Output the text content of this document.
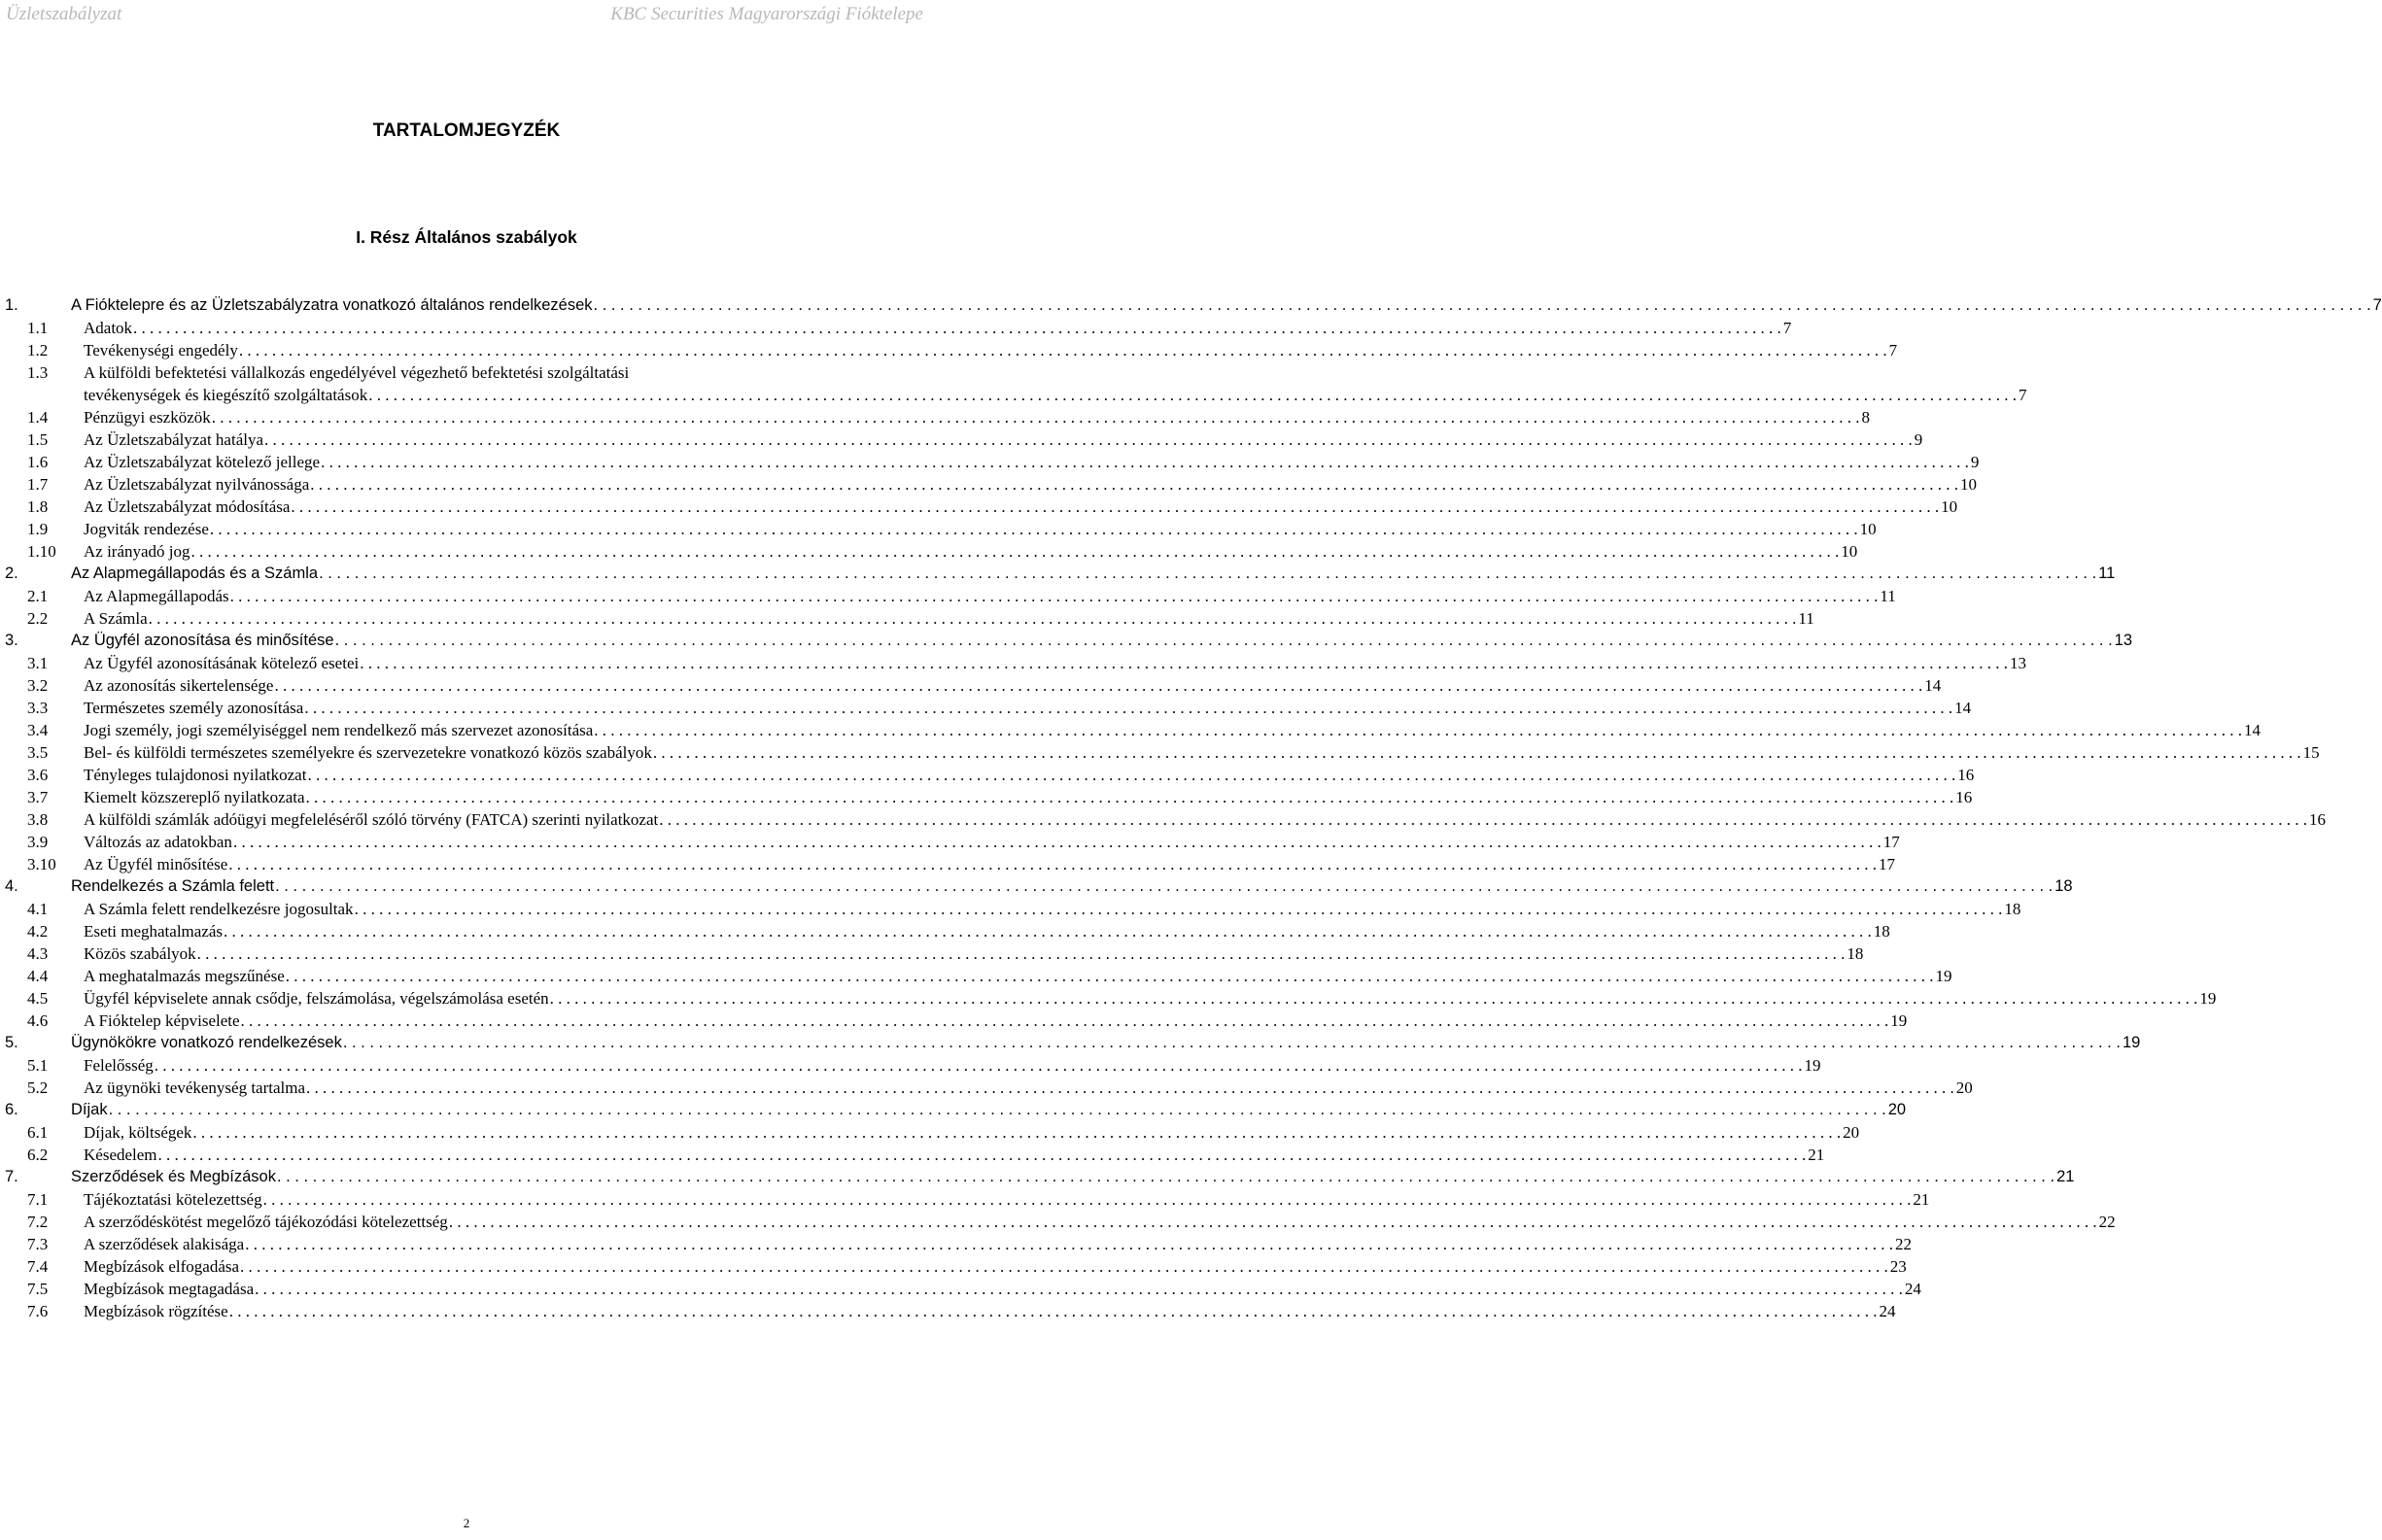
Üzletszabályzat	KBC Securities Magyarországi Fióktelepe
TARTALOMJEGYZÉK
I. Rész Általános szabályok
1.	A Fióktelepre és az Üzletszabályzatra vonatkozó általános rendelkezések . . . . . . . . . . . . . . . . . . . . . . . . . . . . . . . . . . . . . . . . . . . . . . . . . . . . . . . . . . . . . . . . . . . . . . . . . . . . . . . . . . . . . . . . . . . . . . . . . . . . . . . . . . . . . . . . . . . . . . . . . . . . . . . . . . . . . . . . . . . . . . . . . . . . . . . . . . . . . . . . . . . . . . . . . . . . . . . . . . . . . . . . . . . . . . . . . . . . . . . . 7
1.1 Adatok . . . . . . . . . . . . . . . . . . . . . . . . . . . . . . . . . . . . . . . . . . . . . . . . . . . . . . . . . . . . . . . . . . . . . . . . . . . . . . . . . . . . . . . . . . . . . . . . . . . . . . . . . . . . . . . . . . . . . . . . . . . . . . . . . . . . . . . . . . . . . . . . . . . . . . . . . . . . . . . . . . . . . . . . . . . . . . . . . . . . . . . . . . . . . . . . . . . . . . . . 7
1.2 Tevékenységi engedély . . . . . . . . . . . . . . . . . . . . . . . . . . . . . . . . . . . . . . . . . . . . . . . . . . . . . . . . . . . . . . . . . . . . . . . . . . . . . . . . . . . . . . . . . . . . . . . . . . . . . . . . . . . . . . . . . . . . . . . . . . . . . . . . . . . . . . . . . . . . . . . . . . . . . . . . . . . . . . . . . . . . . . . . . . . . . . . . . . . . . . . . . . . . . . . . . . . . . . . . 7
1.3 A külföldi befektetési vállalkozás engedélyével végezhető befektetési szolgáltatási
tevékenységek és kiegészítő szolgáltatások . . . . . . . . . . . . . . . . . . . . . . . . . . . . . . . . . . . . . . . . . . . . . . . . . . . . . . . . . . . . . . . . . . . . . . . . . . . . . . . . . . . . . . . . . . . . . . . . . . . . . . . . . . . . . . . . . . . . . . . . . . . . . . . . . . . . . . . . . . . . . . . . . . . . . . . . . . . . . . . . . . . . . . . . . . . . . . . . . . . . . . . . . . . . . . . . . . . . . . . . 7
1.4 Pénzügyi eszközök . . . . . . . . . . . . . . . . . . . . . . . . . . . . . . . . . . . . . . . . . . . . . . . . . . . . . . . . . . . . . . . . . . . . . . . . . . . . . . . . . . . . . . . . . . . . . . . . . . . . . . . . . . . . . . . . . . . . . . . . . . . . . . . . . . . . . . . . . . . . . . . . . . . . . . . . . . . . . . . . . . . . . . . . . . . . . . . . . . . . . . . . . . . . . . . . . . . . . . . . 8
1.5 Az Üzletszabályzat hatálya . . . . . . . . . . . . . . . . . . . . . . . . . . . . . . . . . . . . . . . . . . . . . . . . . . . . . . . . . . . . . . . . . . . . . . . . . . . . . . . . . . . . . . . . . . . . . . . . . . . . . . . . . . . . . . . . . . . . . . . . . . . . . . . . . . . . . . . . . . . . . . . . . . . . . . . . . . . . . . . . . . . . . . . . . . . . . . . . . . . . . . . . . . . . . . . . . . . . . . . . 9
1.6 Az Üzletszabályzat kötelező jellege . . . . . . . . . . . . . . . . . . . . . . . . . . . . . . . . . . . . . . . . . . . . . . . . . . . . . . . . . . . . . . . . . . . . . . . . . . . . . . . . . . . . . . . . . . . . . . . . . . . . . . . . . . . . . . . . . . . . . . . . . . . . . . . . . . . . . . . . . . . . . . . . . . . . . . . . . . . . . . . . . . . . . . . . . . . . . . . . . . . . . . . . . . . . . . . . . . . . . . . . 9
1.7 Az Üzletszabályzat nyilvánossága . . . . . . . . . . . . . . . . . . . . . . . . . . . . . . . . . . . . . . . . . . . . . . . . . . . . . . . . . . . . . . . . . . . . . . . . . . . . . . . . . . . . . . . . . . . . . . . . . . . . . . . . . . . . . . . . . . . . . . . . . . . . . . . . . . . . . . . . . . . . . . . . . . . . . . . . . . . . . . . . . . . . . . . . . . . . . . . . . . . . . . . . . . . . . . . . . . . . . . . . 10
1.8 Az Üzletszabályzat módosítása . . . . . . . . . . . . . . . . . . . . . . . . . . . . . . . . . . . . . . . . . . . . . . . . . . . . . . . . . . . . . . . . . . . . . . . . . . . . . . . . . . . . . . . . . . . . . . . . . . . . . . . . . . . . . . . . . . . . . . . . . . . . . . . . . . . . . . . . . . . . . . . . . . . . . . . . . . . . . . . . . . . . . . . . . . . . . . . . . . . . . . . . . . . . . . . . . . . . . . . . 10
1.9 Jogviták rendezése . . . . . . . . . . . . . . . . . . . . . . . . . . . . . . . . . . . . . . . . . . . . . . . . . . . . . . . . . . . . . . . . . . . . . . . . . . . . . . . . . . . . . . . . . . . . . . . . . . . . . . . . . . . . . . . . . . . . . . . . . . . . . . . . . . . . . . . . . . . . . . . . . . . . . . . . . . . . . . . . . . . . . . . . . . . . . . . . . . . . . . . . . . . . . . . . . . . . . . . . 10
1.10 Az irányadó jog . . . . . . . . . . . . . . . . . . . . . . . . . . . . . . . . . . . . . . . . . . . . . . . . . . . . . . . . . . . . . . . . . . . . . . . . . . . . . . . . . . . . . . . . . . . . . . . . . . . . . . . . . . . . . . . . . . . . . . . . . . . . . . . . . . . . . . . . . . . . . . . . . . . . . . . . . . . . . . . . . . . . . . . . . . . . . . . . . . . . . . . . . . . . . . . . . . . . . . . . 10
2.	Az Alapmegállapodás és a Számla . . . . . . . . . . . . . . . . . . . . . . . . . . . . . . . . . . . . . . . . . . . . . . . . . . . . . . . . . . . . . . . . . . . . . . . . . . . . . . . . . . . . . . . . . . . . . . . . . . . . . . . . . . . . . . . . . . . . . . . . . . . . . . . . . . . . . . . . . . . . . . . . . . . . . . . . . . . . . . . . . . . . . . . . . . . . . . . . . . . . . . . . . . . . . . . . . . . . . . . . 11
2.1 Az Alapmegállapodás . . . . . . . . . . . . . . . . . . . . . . . . . . . . . . . . . . . . . . . . . . . . . . . . . . . . . . . . . . . . . . . . . . . . . . . . . . . . . . . . . . . . . . . . . . . . . . . . . . . . . . . . . . . . . . . . . . . . . . . . . . . . . . . . . . . . . . . . . . . . . . . . . . . . . . . . . . . . . . . . . . . . . . . . . . . . . . . . . . . . . . . . . . . . . . . . . . . . . . . . 11
2.2 A Számla . . . . . . . . . . . . . . . . . . . . . . . . . . . . . . . . . . . . . . . . . . . . . . . . . . . . . . . . . . . . . . . . . . . . . . . . . . . . . . . . . . . . . . . . . . . . . . . . . . . . . . . . . . . . . . . . . . . . . . . . . . . . . . . . . . . . . . . . . . . . . . . . . . . . . . . . . . . . . . . . . . . . . . . . . . . . . . . . . . . . . . . . . . . . . . . . . . . . . . . . 11
3.	Az Ügyfél azonosítása és minősítése . . . . . . . . . . . . . . . . . . . . . . . . . . . . . . . . . . . . . . . . . . . . . . . . . . . . . . . . . . . . . . . . . . . . . . . . . . . . . . . . . . . . . . . . . . . . . . . . . . . . . . . . . . . . . . . . . . . . . . . . . . . . . . . . . . . . . . . . . . . . . . . . . . . . . . . . . . . . . . . . . . . . . . . . . . . . . . . . . . . . . . . . . . . . . . . . . . . . . . . . 13
3.1 Az Ügyfél azonosításának kötelező esetei . . . . . . . . . . . . . . . . . . . . . . . . . . . . . . . . . . . . . . . . . . . . . . . . . . . . . . . . . . . . . . . . . . . . . . . . . . . . . . . . . . . . . . . . . . . . . . . . . . . . . . . . . . . . . . . . . . . . . . . . . . . . . . . . . . . . . . . . . . . . . . . . . . . . . . . . . . . . . . . . . . . . . . . . . . . . . . . . . . . . . . . . . . . . . . . . . . . . . . . . 13
3.2 Az azonosítás sikertelensége . . . . . . . . . . . . . . . . . . . . . . . . . . . . . . . . . . . . . . . . . . . . . . . . . . . . . . . . . . . . . . . . . . . . . . . . . . . . . . . . . . . . . . . . . . . . . . . . . . . . . . . . . . . . . . . . . . . . . . . . . . . . . . . . . . . . . . . . . . . . . . . . . . . . . . . . . . . . . . . . . . . . . . . . . . . . . . . . . . . . . . . . . . . . . . . . . . . . . . . . 14
3.3 Természetes személy azonosítása . . . . . . . . . . . . . . . . . . . . . . . . . . . . . . . . . . . . . . . . . . . . . . . . . . . . . . . . . . . . . . . . . . . . . . . . . . . . . . . . . . . . . . . . . . . . . . . . . . . . . . . . . . . . . . . . . . . . . . . . . . . . . . . . . . . . . . . . . . . . . . . . . . . . . . . . . . . . . . . . . . . . . . . . . . . . . . . . . . . . . . . . . . . . . . . . . . . . . . . . 14
3.4 Jogi személy, jogi személyiséggel nem rendelkező más szervezet azonosítása . . . . . . . . . . . . . . . . . . . . . . . . . . . . . . . . . . . . . . . . . . . . . . . . . . . . . . . . . . . . . . . . . . . . . . . . . . . . . . . . . . . . . . . . . . . . . . . . . . . . . . . . . . . . . . . . . . . . . . . . . . . . . . . . . . . . . . . . . . . . . . . . . . . . . . . . . . . . . . . . . . . . . . . . . . . . . . . . . . . . . . . . . . . . . . . . . . . . . . . . 14
3.5 Bel- és külföldi természetes személyekre és szervezetekre vonatkozó közös szabályok . . . . . . . . . . . . . . . . . . . . . . . . . . . . . . . . . . . . . . . . . . . . . . . . . . . . . . . . . . . . . . . . . . . . . . . . . . . . . . . . . . . . . . . . . . . . . . . . . . . . . . . . . . . . . . . . . . . . . . . . . . . . . . . . . . . . . . . . . . . . . . . . . . . . . . . . . . . . . . . . . . . . . . . . . . . . . . . . . . . . . . . . . . . . . . . . . . . . . . . . 15
3.6 Tényleges tulajdonosi nyilatkozat . . . . . . . . . . . . . . . . . . . . . . . . . . . . . . . . . . . . . . . . . . . . . . . . . . . . . . . . . . . . . . . . . . . . . . . . . . . . . . . . . . . . . . . . . . . . . . . . . . . . . . . . . . . . . . . . . . . . . . . . . . . . . . . . . . . . . . . . . . . . . . . . . . . . . . . . . . . . . . . . . . . . . . . . . . . . . . . . . . . . . . . . . . . . . . . . . . . . . . . . 16
3.7 Kiemelt közszereplő nyilatkozata . . . . . . . . . . . . . . . . . . . . . . . . . . . . . . . . . . . . . . . . . . . . . . . . . . . . . . . . . . . . . . . . . . . . . . . . . . . . . . . . . . . . . . . . . . . . . . . . . . . . . . . . . . . . . . . . . . . . . . . . . . . . . . . . . . . . . . . . . . . . . . . . . . . . . . . . . . . . . . . . . . . . . . . . . . . . . . . . . . . . . . . . . . . . . . . . . . . . . . . . 16
3.8 A külföldi számlák adóügyi megfeleléséről szóló törvény (FATCA) szerinti nyilatkozat . . . . . . . . . . . . . . . . . . . . . . . . . . . . . . . . . . . . . . . . . . . . . . . . . . . . . . . . . . . . . . . . . . . . . . . . . . . . . . . . . . . . . . . . . . . . . . . . . . . . . . . . . . . . . . . . . . . . . . . . . . . . . . . . . . . . . . . . . . . . . . . . . . . . . . . . . . . . . . . . . . . . . . . . . . . . . . . . . . . . . . . . . . . . . . . . . . . . . . . . 16
3.9 Változás az adatokban . . . . . . . . . . . . . . . . . . . . . . . . . . . . . . . . . . . . . . . . . . . . . . . . . . . . . . . . . . . . . . . . . . . . . . . . . . . . . . . . . . . . . . . . . . . . . . . . . . . . . . . . . . . . . . . . . . . . . . . . . . . . . . . . . . . . . . . . . . . . . . . . . . . . . . . . . . . . . . . . . . . . . . . . . . . . . . . . . . . . . . . . . . . . . . . . . . . . . . . . 17
3.10 Az Ügyfél minősítése . . . . . . . . . . . . . . . . . . . . . . . . . . . . . . . . . . . . . . . . . . . . . . . . . . . . . . . . . . . . . . . . . . . . . . . . . . . . . . . . . . . . . . . . . . . . . . . . . . . . . . . . . . . . . . . . . . . . . . . . . . . . . . . . . . . . . . . . . . . . . . . . . . . . . . . . . . . . . . . . . . . . . . . . . . . . . . . . . . . . . . . . . . . . . . . . . . . . . . . . 17
4.	Rendelkezés a Számla felett . . . . . . . . . . . . . . . . . . . . . . . . . . . . . . . . . . . . . . . . . . . . . . . . . . . . . . . . . . . . . . . . . . . . . . . . . . . . . . . . . . . . . . . . . . . . . . . . . . . . . . . . . . . . . . . . . . . . . . . . . . . . . . . . . . . . . . . . . . . . . . . . . . . . . . . . . . . . . . . . . . . . . . . . . . . . . . . . . . . . . . . . . . . . . . . . . . . . . . . . 18
4.1 A Számla felett rendelkezésre jogosultak . . . . . . . . . . . . . . . . . . . . . . . . . . . . . . . . . . . . . . . . . . . . . . . . . . . . . . . . . . . . . . . . . . . . . . . . . . . . . . . . . . . . . . . . . . . . . . . . . . . . . . . . . . . . . . . . . . . . . . . . . . . . . . . . . . . . . . . . . . . . . . . . . . . . . . . . . . . . . . . . . . . . . . . . . . . . . . . . . . . . . . . . . . . . . . . . . . . . . . . . 18
4.2 Eseti meghatalmazás . . . . . . . . . . . . . . . . . . . . . . . . . . . . . . . . . . . . . . . . . . . . . . . . . . . . . . . . . . . . . . . . . . . . . . . . . . . . . . . . . . . . . . . . . . . . . . . . . . . . . . . . . . . . . . . . . . . . . . . . . . . . . . . . . . . . . . . . . . . . . . . . . . . . . . . . . . . . . . . . . . . . . . . . . . . . . . . . . . . . . . . . . . . . . . . . . . . . . . . . 18
4.3 Közös szabályok . . . . . . . . . . . . . . . . . . . . . . . . . . . . . . . . . . . . . . . . . . . . . . . . . . . . . . . . . . . . . . . . . . . . . . . . . . . . . . . . . . . . . . . . . . . . . . . . . . . . . . . . . . . . . . . . . . . . . . . . . . . . . . . . . . . . . . . . . . . . . . . . . . . . . . . . . . . . . . . . . . . . . . . . . . . . . . . . . . . . . . . . . . . . . . . . . . . . . . . . 18
4.4 A meghatalmazás megszűnése . . . . . . . . . . . . . . . . . . . . . . . . . . . . . . . . . . . . . . . . . . . . . . . . . . . . . . . . . . . . . . . . . . . . . . . . . . . . . . . . . . . . . . . . . . . . . . . . . . . . . . . . . . . . . . . . . . . . . . . . . . . . . . . . . . . . . . . . . . . . . . . . . . . . . . . . . . . . . . . . . . . . . . . . . . . . . . . . . . . . . . . . . . . . . . . . . . . . . . . . 19
4.5 Ügyfél képviselete annak csődje, felszámolása, végelszámolása esetén . . . . . . . . . . . . . . . . . . . . . . . . . . . . . . . . . . . . . . . . . . . . . . . . . . . . . . . . . . . . . . . . . . . . . . . . . . . . . . . . . . . . . . . . . . . . . . . . . . . . . . . . . . . . . . . . . . . . . . . . . . . . . . . . . . . . . . . . . . . . . . . . . . . . . . . . . . . . . . . . . . . . . . . . . . . . . . . . . . . . . . . . . . . . . . . . . . . . . . . . 19
4.6 A Fióktelep képviselete . . . . . . . . . . . . . . . . . . . . . . . . . . . . . . . . . . . . . . . . . . . . . . . . . . . . . . . . . . . . . . . . . . . . . . . . . . . . . . . . . . . . . . . . . . . . . . . . . . . . . . . . . . . . . . . . . . . . . . . . . . . . . . . . . . . . . . . . . . . . . . . . . . . . . . . . . . . . . . . . . . . . . . . . . . . . . . . . . . . . . . . . . . . . . . . . . . . . . . . . 19
5.	Ügynökökre vonatkozó rendelkezések . . . . . . . . . . . . . . . . . . . . . . . . . . . . . . . . . . . . . . . . . . . . . . . . . . . . . . . . . . . . . . . . . . . . . . . . . . . . . . . . . . . . . . . . . . . . . . . . . . . . . . . . . . . . . . . . . . . . . . . . . . . . . . . . . . . . . . . . . . . . . . . . . . . . . . . . . . . . . . . . . . . . . . . . . . . . . . . . . . . . . . . . . . . . . . . . . . . . . . . . 19
5.1 Felelősség . . . . . . . . . . . . . . . . . . . . . . . . . . . . . . . . . . . . . . . . . . . . . . . . . . . . . . . . . . . . . . . . . . . . . . . . . . . . . . . . . . . . . . . . . . . . . . . . . . . . . . . . . . . . . . . . . . . . . . . . . . . . . . . . . . . . . . . . . . . . . . . . . . . . . . . . . . . . . . . . . . . . . . . . . . . . . . . . . . . . . . . . . . . . . . . . . . . . . . . . 19
5.2 Az ügynöki tevékenység tartalma . . . . . . . . . . . . . . . . . . . . . . . . . . . . . . . . . . . . . . . . . . . . . . . . . . . . . . . . . . . . . . . . . . . . . . . . . . . . . . . . . . . . . . . . . . . . . . . . . . . . . . . . . . . . . . . . . . . . . . . . . . . . . . . . . . . . . . . . . . . . . . . . . . . . . . . . . . . . . . . . . . . . . . . . . . . . . . . . . . . . . . . . . . . . . . . . . . . . . . . . 20
6.	Díjak . . . . . . . . . . . . . . . . . . . . . . . . . . . . . . . . . . . . . . . . . . . . . . . . . . . . . . . . . . . . . . . . . . . . . . . . . . . . . . . . . . . . . . . . . . . . . . . . . . . . . . . . . . . . . . . . . . . . . . . . . . . . . . . . . . . . . . . . . . . . . . . . . . . . . . . . . . . . . . . . . . . . . . . . . . . . . . . . . . . . . . . . . . . . . . . . . . . . . . . . 20
6.1 Díjak, költségek . . . . . . . . . . . . . . . . . . . . . . . . . . . . . . . . . . . . . . . . . . . . . . . . . . . . . . . . . . . . . . . . . . . . . . . . . . . . . . . . . . . . . . . . . . . . . . . . . . . . . . . . . . . . . . . . . . . . . . . . . . . . . . . . . . . . . . . . . . . . . . . . . . . . . . . . . . . . . . . . . . . . . . . . . . . . . . . . . . . . . . . . . . . . . . . . . . . . . . . . 20
6.2 Késedelem . . . . . . . . . . . . . . . . . . . . . . . . . . . . . . . . . . . . . . . . . . . . . . . . . . . . . . . . . . . . . . . . . . . . . . . . . . . . . . . . . . . . . . . . . . . . . . . . . . . . . . . . . . . . . . . . . . . . . . . . . . . . . . . . . . . . . . . . . . . . . . . . . . . . . . . . . . . . . . . . . . . . . . . . . . . . . . . . . . . . . . . . . . . . . . . . . . . . . . . . 21
7.	Szerződések és Megbízások . . . . . . . . . . . . . . . . . . . . . . . . . . . . . . . . . . . . . . . . . . . . . . . . . . . . . . . . . . . . . . . . . . . . . . . . . . . . . . . . . . . . . . . . . . . . . . . . . . . . . . . . . . . . . . . . . . . . . . . . . . . . . . . . . . . . . . . . . . . . . . . . . . . . . . . . . . . . . . . . . . . . . . . . . . . . . . . . . . . . . . . . . . . . . . . . . . . . . . . . 21
7.1 Tájékoztatási kötelezettség . . . . . . . . . . . . . . . . . . . . . . . . . . . . . . . . . . . . . . . . . . . . . . . . . . . . . . . . . . . . . . . . . . . . . . . . . . . . . . . . . . . . . . . . . . . . . . . . . . . . . . . . . . . . . . . . . . . . . . . . . . . . . . . . . . . . . . . . . . . . . . . . . . . . . . . . . . . . . . . . . . . . . . . . . . . . . . . . . . . . . . . . . . . . . . . . . . . . . . . . 21
7.2 A szerződéskötést megelőző tájékozódási kötelezettség . . . . . . . . . . . . . . . . . . . . . . . . . . . . . . . . . . . . . . . . . . . . . . . . . . . . . . . . . . . . . . . . . . . . . . . . . . . . . . . . . . . . . . . . . . . . . . . . . . . . . . . . . . . . . . . . . . . . . . . . . . . . . . . . . . . . . . . . . . . . . . . . . . . . . . . . . . . . . . . . . . . . . . . . . . . . . . . . . . . . . . . . . . . . . . . . . . . . . . . . 22
7.3 A szerződések alakisága . . . . . . . . . . . . . . . . . . . . . . . . . . . . . . . . . . . . . . . . . . . . . . . . . . . . . . . . . . . . . . . . . . . . . . . . . . . . . . . . . . . . . . . . . . . . . . . . . . . . . . . . . . . . . . . . . . . . . . . . . . . . . . . . . . . . . . . . . . . . . . . . . . . . . . . . . . . . . . . . . . . . . . . . . . . . . . . . . . . . . . . . . . . . . . . . . . . . . . . . 22
7.4 Megbízások elfogadása . . . . . . . . . . . . . . . . . . . . . . . . . . . . . . . . . . . . . . . . . . . . . . . . . . . . . . . . . . . . . . . . . . . . . . . . . . . . . . . . . . . . . . . . . . . . . . . . . . . . . . . . . . . . . . . . . . . . . . . . . . . . . . . . . . . . . . . . . . . . . . . . . . . . . . . . . . . . . . . . . . . . . . . . . . . . . . . . . . . . . . . . . . . . . . . . . . . . . . . . 23
7.5 Megbízások megtagadása . . . . . . . . . . . . . . . . . . . . . . . . . . . . . . . . . . . . . . . . . . . . . . . . . . . . . . . . . . . . . . . . . . . . . . . . . . . . . . . . . . . . . . . . . . . . . . . . . . . . . . . . . . . . . . . . . . . . . . . . . . . . . . . . . . . . . . . . . . . . . . . . . . . . . . . . . . . . . . . . . . . . . . . . . . . . . . . . . . . . . . . . . . . . . . . . . . . . . . . . 24
7.6 Megbízások rögzítése . . . . . . . . . . . . . . . . . . . . . . . . . . . . . . . . . . . . . . . . . . . . . . . . . . . . . . . . . . . . . . . . . . . . . . . . . . . . . . . . . . . . . . . . . . . . . . . . . . . . . . . . . . . . . . . . . . . . . . . . . . . . . . . . . . . . . . . . . . . . . . . . . . . . . . . . . . . . . . . . . . . . . . . . . . . . . . . . . . . . . . . . . . . . . . . . . . . . . . . . 24
2
